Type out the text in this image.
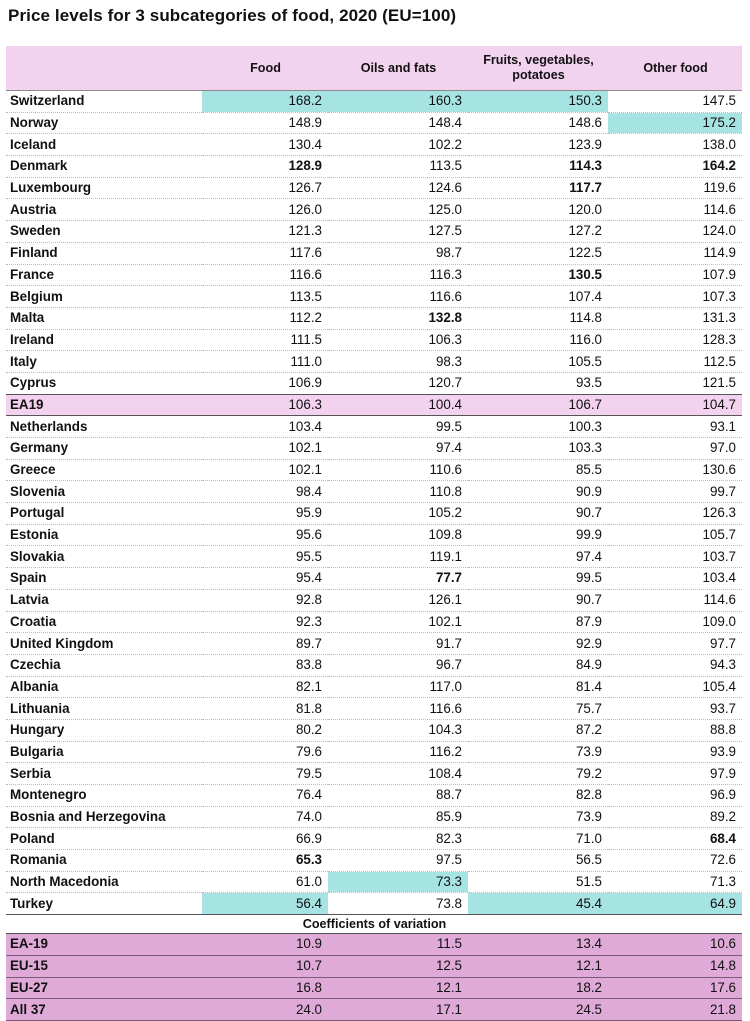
Price levels for 3 subcategories of food, 2020 (EU=100)
	Food	Oils and fats	Fruits, vegetables, potatoes	Other food
Switzerland	168.2	160.3	150.3	147.5
Norway	148.9	148.4	148.6	175.2
Iceland	130.4	102.2	123.9	138.0
Denmark	128.9	113.5	114.3	164.2
Luxembourg	126.7	124.6	117.7	119.6
Austria	126.0	125.0	120.0	114.6
Sweden	121.3	127.5	127.2	124.0
Finland	117.6	98.7	122.5	114.9
France	116.6	116.3	130.5	107.9
Belgium	113.5	116.6	107.4	107.3
Malta	112.2	132.8	114.8	131.3
Ireland	111.5	106.3	116.0	128.3
Italy	111.0	98.3	105.5	112.5
Cyprus	106.9	120.7	93.5	121.5
EA19	106.3	100.4	106.7	104.7
Netherlands	103.4	99.5	100.3	93.1
Germany	102.1	97.4	103.3	97.0
Greece	102.1	110.6	85.5	130.6
Slovenia	98.4	110.8	90.9	99.7
Portugal	95.9	105.2	90.7	126.3
Estonia	95.6	109.8	99.9	105.7
Slovakia	95.5	119.1	97.4	103.7
Spain	95.4	77.7	99.5	103.4
Latvia	92.8	126.1	90.7	114.6
Croatia	92.3	102.1	87.9	109.0
United Kingdom	89.7	91.7	92.9	97.7
Czechia	83.8	96.7	84.9	94.3
Albania	82.1	117.0	81.4	105.4
Lithuania	81.8	116.6	75.7	93.7
Hungary	80.2	104.3	87.2	88.8
Bulgaria	79.6	116.2	73.9	93.9
Serbia	79.5	108.4	79.2	97.9
Montenegro	76.4	88.7	82.8	96.9
Bosnia and Herzegovina	74.0	85.9	73.9	89.2
Poland	66.9	82.3	71.0	68.4
Romania	65.3	97.5	56.5	72.6
North Macedonia	61.0	73.3	51.5	71.3
Turkey	56.4	73.8	45.4	64.9
Coefficients of variation				
EA-19	10.9	11.5	13.4	10.6
EU-15	10.7	12.5	12.1	14.8
EU-27	16.8	12.1	18.2	17.6
All 37	24.0	17.1	24.5	21.8
